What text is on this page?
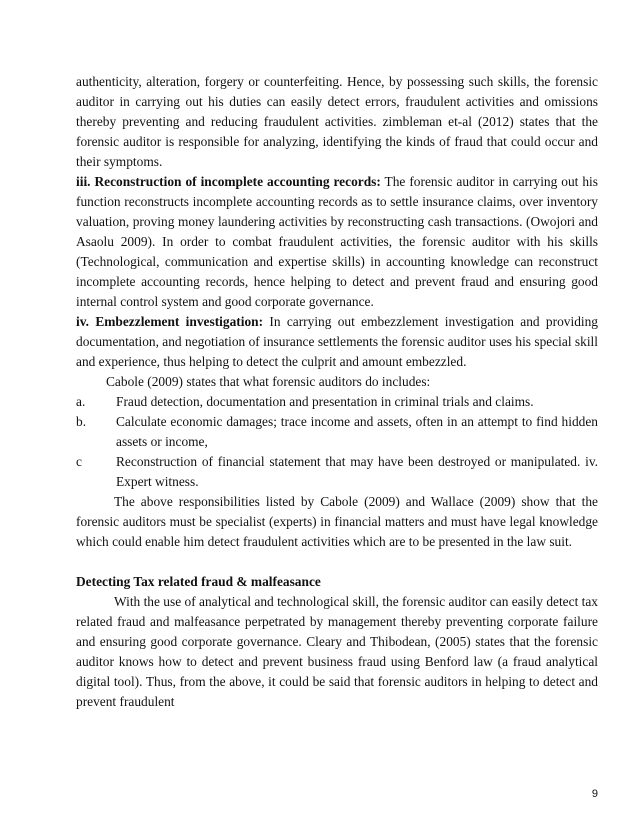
authenticity, alteration, forgery or counterfeiting. Hence, by possessing such skills, the forensic auditor in carrying out his duties can easily detect errors, fraudulent activities and omissions thereby preventing and reducing fraudulent activities. zimbleman et-al (2012) states that the forensic auditor is responsible for analyzing, identifying the kinds of fraud that could occur and their symptoms.

iii. Reconstruction of incomplete accounting records: The forensic auditor in carrying out his function reconstructs incomplete accounting records as to settle insurance claims, over inventory valuation, proving money laundering activities by reconstructing cash transactions. (Owojori and Asaolu 2009). In order to combat fraudulent activities, the forensic auditor with his skills (Technological, communication and expertise skills) in accounting knowledge can reconstruct incomplete accounting records, hence helping to detect and prevent fraud and ensuring good internal control system and good corporate governance.

iv. Embezzlement investigation: In carrying out embezzlement investigation and providing documentation, and negotiation of insurance settlements the forensic auditor uses his special skill and experience, thus helping to detect the culprit and amount embezzled.

Cabole (2009) states that what forensic auditors do includes:

a.	Fraud detection, documentation and presentation in criminal trials and claims.
b.	Calculate economic damages; trace income and assets, often in an attempt to find hidden assets or income,
c	Reconstruction of financial statement that may have been destroyed or manipulated. iv. Expert witness.

The above responsibilities listed by Cabole (2009) and Wallace (2009) show that the forensic auditors must be specialist (experts) in financial matters and must have legal knowledge which could enable him detect fraudulent activities which are to be presented in the law suit.

Detecting Tax related fraud & malfeasance

With the use of analytical and technological skill, the forensic auditor can easily detect tax related fraud and malfeasance perpetrated by management thereby preventing corporate failure and ensuring good corporate governance. Cleary and Thibodean, (2005) states that the forensic auditor knows how to detect and prevent business fraud using Benford law (a fraud analytical digital tool). Thus, from the above, it could be said that forensic auditors in helping to detect and prevent fraudulent

9
